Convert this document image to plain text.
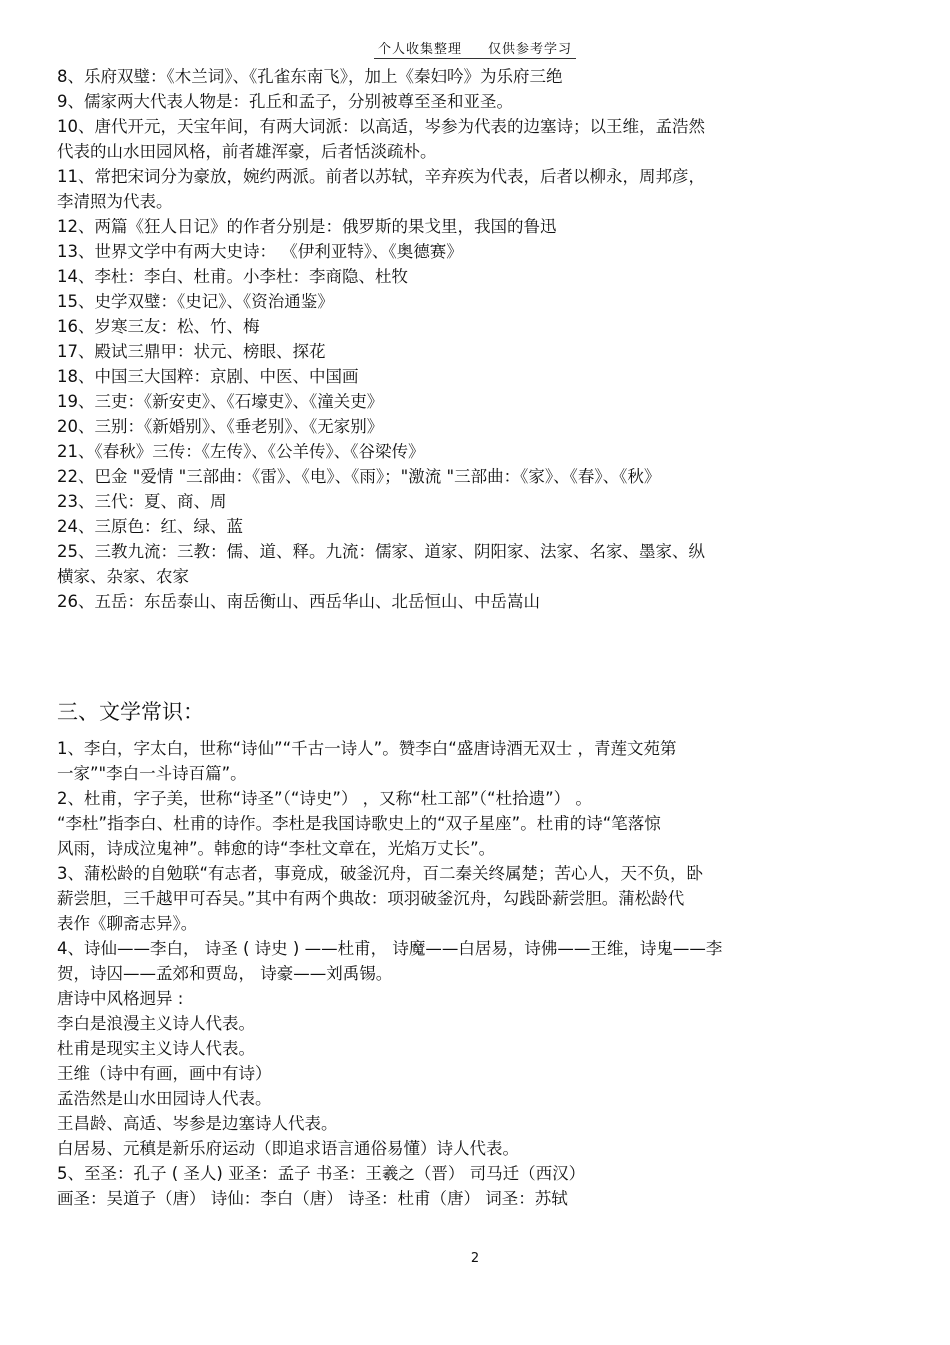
个人收集整理 仅供参考学习
8、乐府双璧：《木兰词》、《孔雀东南飞》，加上《秦妇吟》为乐府三绝
9、儒家两大代表人物是：孔丘和孟子，分别被尊至圣和亚圣。
10、唐代开元，天宝年间，有两大词派：以高适，岑参为代表的边塞诗；以王维，孟浩然
代表的山水田园风格，前者雄浑豪，后者恬淡疏朴。
11、常把宋词分为豪放，婉约两派。前者以苏轼，辛弃疾为代表，后者以柳永，周邦彦，
李清照为代表。
12、两篇《狂人日记》的作者分别是：俄罗斯的果戈里，我国的鲁迅
13、世界文学中有两大史诗： 《伊利亚特》、《奥德赛》
14、李杜：李白、杜甫。小李杜：李商隐、杜牧
15、史学双璧：《史记》、《资治通鉴》
16、岁寒三友：松、竹、梅
17、殿试三鼎甲：状元、榜眼、探花
18、中国三大国粹：京剧、中医、中国画
19、三吏：《新安吏》、《石壕吏》、《潼关吏》
20、三别：《新婚别》、《垂老别》、《无家别》
21、《春秋》三传：《左传》、《公羊传》、《谷梁传》
22、巴金 "爱情 "三部曲：《雷》、《电》、《雨》；"激流 "三部曲：《家》、《春》、《秋》
23、三代：夏、商、周
24、三原色：红、绿、蓝
25、三教九流：三教：儒、道、释。九流：儒家、道家、阴阳家、法家、名家、墨家、纵
横家、杂家、农家
26、五岳：东岳泰山、南岳衡山、西岳华山、北岳恒山、中岳嵩山
三、文学常识：
1、李白，字太白，世称“诗仙”“千古一诗人”。赞李白“盛唐诗酒无双士 ，青莲文苑第
一家”"李白一斗诗百篇”。
2、杜甫，字子美，世称“诗圣”（“诗史”） ，又称“杜工部”（“杜拾遗”） 。
“李杜”指李白、杜甫的诗作。李杜是我国诗歌史上的“双子星座”。杜甫的诗“笔落惊
风雨，诗成泣鬼神”。韩愈的诗“李杜文章在，光焰万丈长”。
3、蒲松龄的自勉联“有志者，事竟成，破釜沉舟，百二秦关终属楚；苦心人，天不负，卧
薪尝胆，三千越甲可吞吴。”其中有两个典故：项羽破釜沉舟，勾践卧薪尝胆。蒲松龄代
表作《聊斋志异》。
4、诗仙——李白， 诗圣 ( 诗史 ) ——杜甫， 诗魔——白居易，诗佛——王维，诗鬼——李
贺，诗囚——孟郊和贾岛， 诗豪——刘禹锡。
唐诗中风格迥异 :
李白是浪漫主义诗人代表。
杜甫是现实主义诗人代表。
王维（诗中有画，画中有诗）
孟浩然是山水田园诗人代表。
王昌龄、高适、岑参是边塞诗人代表。
白居易、元稹是新乐府运动（即追求语言通俗易懂）诗人代表。
5、至圣：孔子 ( 圣人) 亚圣：孟子 书圣：王羲之（晋） 司马迁（西汉）
画圣：吴道子（唐） 诗仙：李白（唐） 诗圣：杜甫（唐） 词圣：苏轼
2
